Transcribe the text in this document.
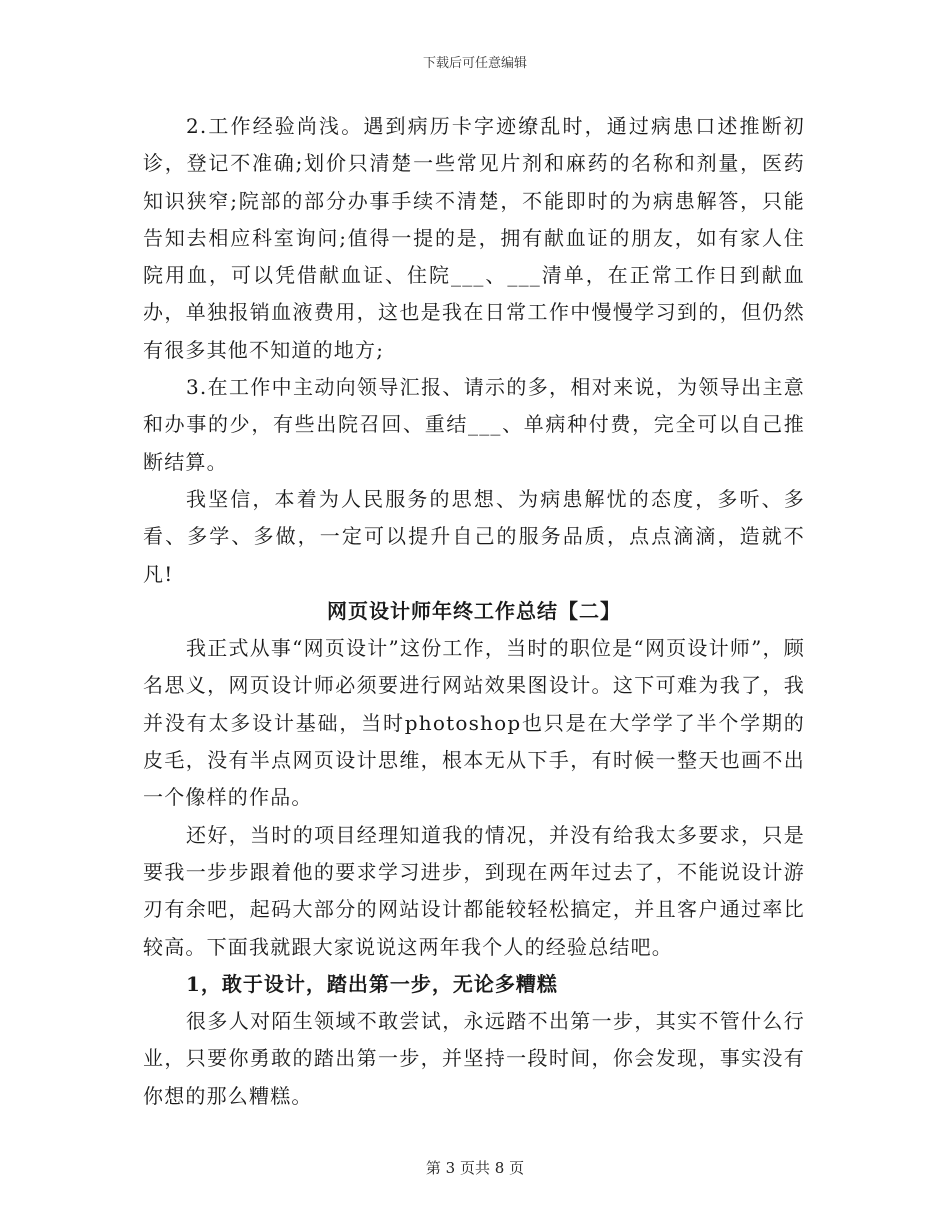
下载后可任意编辑

2.工作经验尚浅。遇到病历卡字迹缭乱时，通过病患口述推断初诊，登记不准确;划价只清楚一些常见片剂和麻药的名称和剂量，医药知识狭窄;院部的部分办事手续不清楚，不能即时的为病患解答，只能告知去相应科室询问;值得一提的是，拥有献血证的朋友，如有家人住院用血，可以凭借献血证、住院___、___清单，在正常工作日到献血办，单独报销血液费用，这也是我在日常工作中慢慢学习到的，但仍然有很多其他不知道的地方;

3.在工作中主动向领导汇报、请示的多，相对来说，为领导出主意和办事的少，有些出院召回、重结___、单病种付费，完全可以自己推断结算。

我坚信，本着为人民服务的思想、为病患解忧的态度，多听、多看、多学、多做，一定可以提升自己的服务品质，点点滴滴，造就不凡!

网页设计师年终工作总结【二】

我正式从事“网页设计”这份工作，当时的职位是“网页设计师”，顾名思义，网页设计师必须要进行网站效果图设计。这下可难为我了，我并没有太多设计基础，当时photoshop也只是在大学学了半个学期的皮毛，没有半点网页设计思维，根本无从下手，有时候一整天也画不出一个像样的作品。

还好，当时的项目经理知道我的情况，并没有给我太多要求，只是要我一步步跟着他的要求学习进步，到现在两年过去了，不能说设计游刃有余吧，起码大部分的网站设计都能较轻松搞定，并且客户通过率比较高。下面我就跟大家说说这两年我个人的经验总结吧。

1，敢于设计，踏出第一步，无论多糟糕

很多人对陌生领域不敢尝试，永远踏不出第一步，其实不管什么行业，只要你勇敢的踏出第一步，并坚持一段时间，你会发现，事实没有你想的那么糟糕。

第 3 页共 8 页
